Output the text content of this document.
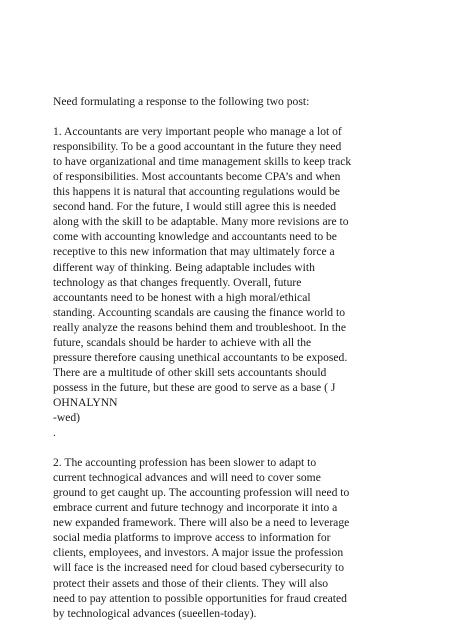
Need formulating a response to the following two post:
1. Accountants are very important people who manage a lot of
responsibility. To be a good accountant in the future they need
to have organizational and time management skills to keep track
of responsibilities. Most accountants become CPA’s and when
this happens it is natural that accounting regulations would be
second hand. For the future, I would still agree this is needed
along with the skill to be adaptable. Many more revisions are to
come with accounting knowledge and accountants need to be
receptive to this new information that may ultimately force a
different way of thinking. Being adaptable includes with
technology as that changes frequently. Overall, future
accountants need to be honest with a high moral/ethical
standing. Accounting scandals are causing the finance world to
really analyze the reasons behind them and troubleshoot. In the
future, scandals should be harder to achieve with all the
pressure therefore causing unethical accountants to be exposed.
There are a multitude of other skill sets accountants should
possess in the future, but these are good to serve as a base ( J
OHNALYNN
-wed)
.
2. The accounting profession has been slower to adapt to
current technogical advances and will need to cover some
ground to get caught up. The accounting profession will need to
embrace current and future technogy and incorporate it into a
new expanded framework. There will also be a need to leverage
social media platforms to improve access to information for
clients, employees, and investors. A major issue the profession
will face is the increased need for cloud based cybersecurity to
protect their assets and those of their clients. They will also
need to pay attention to possible opportunities for fraud created
by technological advances (sueellen-today).
